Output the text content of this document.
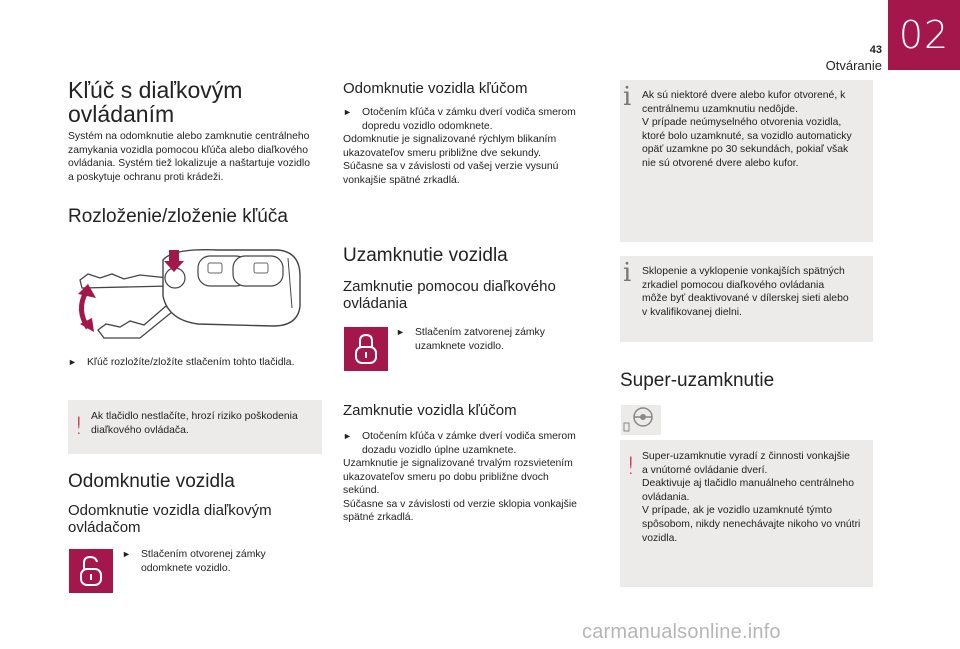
02
43
Otváranie
Kľúč s diaľkovým
ovládaním
Systém na odomknutie alebo zamknutie centrálneho
zamykania vozidla pomocou kľúča alebo diaľkového
ovládania. Systém tiež lokalizuje a naštartuje vozidlo
a poskytuje ochranu proti krádeži.
Rozloženie/zloženie kľúča
► Kľúč rozložíte/zložíte stlačením tohto tlačidla.
! Ak tlačidlo nestlačíte, hrozí riziko poškodenia
diaľkového ovládača.
Odomknutie vozidla
Odomknutie vozidla diaľkovým
ovládačom
► Stlačením otvorenej zámky
odomknete vozidlo.
Odomknutie vozidla kľúčom
► Otočením kľúča v zámku dverí vodiča smerom
dopredu vozidlo odomknete.
Odomknutie je signalizované rýchlym blikaním
ukazovateľov smeru približne dve sekundy.
Súčasne sa v závislosti od vašej verzie vysunú
vonkajšie spätné zrkadlá.
Uzamknutie vozidla
Zamknutie pomocou diaľkového
ovládania
► Stlačením zatvorenej zámky
uzamknete vozidlo.
Zamknutie vozidla kľúčom
► Otočením kľúča v zámke dverí vodiča smerom
dozadu vozidlo úplne uzamknete.
Uzamknutie je signalizované trvalým rozsvietením
ukazovateľov smeru po dobu približne dvoch
sekúnd.
Súčasne sa v závislosti od verzie sklopia vonkajšie
spätné zrkadlá.
i Ak sú niektoré dvere alebo kufor otvorené, k
centrálnemu uzamknutiu nedôjde.
V prípade neúmyselného otvorenia vozidla,
ktoré bolo uzamknuté, sa vozidlo automaticky
opäť uzamkne po 30 sekundách, pokiaľ však
nie sú otvorené dvere alebo kufor.
i Sklopenie a vyklopenie vonkajších spätných
zrkadiel pomocou diaľkového ovládania
môže byť deaktivované v dílerskej sieti alebo
v kvalifikovanej dielni.
Super-uzamknutie
! Super-uzamknutie vyradí z činnosti vonkajšie
a vnútorné ovládanie dverí.
Deaktivuje aj tlačidlo manuálneho centrálneho
ovládania.
V prípade, ak je vozidlo uzamknuté týmto
spôsobom, nikdy nenechávajte nikoho vo vnútri
vozidla.
carmanualsonline.info
